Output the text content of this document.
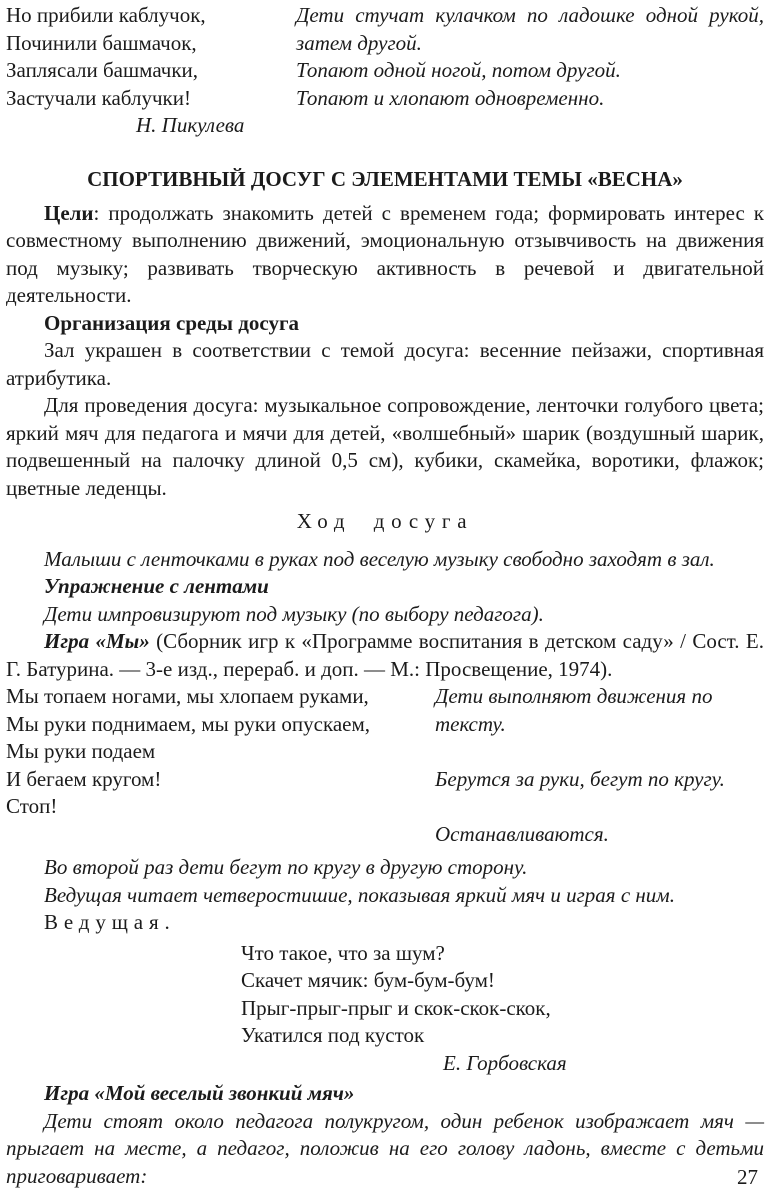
Но прибили каблучок,
Починили башмачок,
Заплясали башмачки,
Застучали каблучки!
Н. Пикулева

Дети стучат кулачком по ладошке одной рукой, затем другой.

Топают одной ногой, потом другой.

Топают и хлопают одновременно.

СПОРТИВНЫЙ ДОСУГ С ЭЛЕМЕНТАМИ ТЕМЫ «ВЕСНА»

Цели: продолжать знакомить детей с временем года; формировать интерес к совместному выполнению движений, эмоциональную отзывчивость на движения под музыку; развивать творческую активность в речевой и двигательной деятельности.

Организация среды досуга

Зал украшен в соответствии с темой досуга: весенние пейзажи, спортивная атрибутика.

Для проведения досуга: музыкальное сопровождение, ленточки голубого цвета; яркий мяч для педагога и мячи для детей, «волшебный» шарик (воздушный шарик, подвешенный на палочку длиной 0,5 см), кубики, скамейка, воротики, флажок; цветные леденцы.

Ход досуга

Малыши с ленточками в руках под веселую музыку свободно заходят в зал.

Упражнение с лентами

Дети импровизируют под музыку (по выбору педагога).

Игра «Мы» (Сборник игр к «Программе воспитания в детском саду» / Сост. Е. Г. Батурина. — 3-е изд., перераб. и доп. — М.: Просвещение, 1974).

Мы топаем ногами, мы хлопаем руками,
Мы руки поднимаем, мы руки опускаем,
Мы руки подаем
И бегаем кругом!
Стоп!
Дети выполняют движения по тексту.
Берутся за руки, бегут по кругу.
Останавливаются.

Во второй раз дети бегут по кругу в другую сторону.

Ведущая читает четверостишие, показывая яркий мяч и играя с ним.

Ведущая.

Что такое, что за шум?
Скачет мячик: бум-бум-бум!
Прыг-прыг-прыг и скок-скок-скок,
Укатился под кусток
Е. Горбовская

Игра «Мой веселый звонкий мяч»

Дети стоят около педагога полукругом, один ребенок изображает мяч — прыгает на месте, а педагог, положив на его голову ладонь, вместе с детьми приговаривает:	27
